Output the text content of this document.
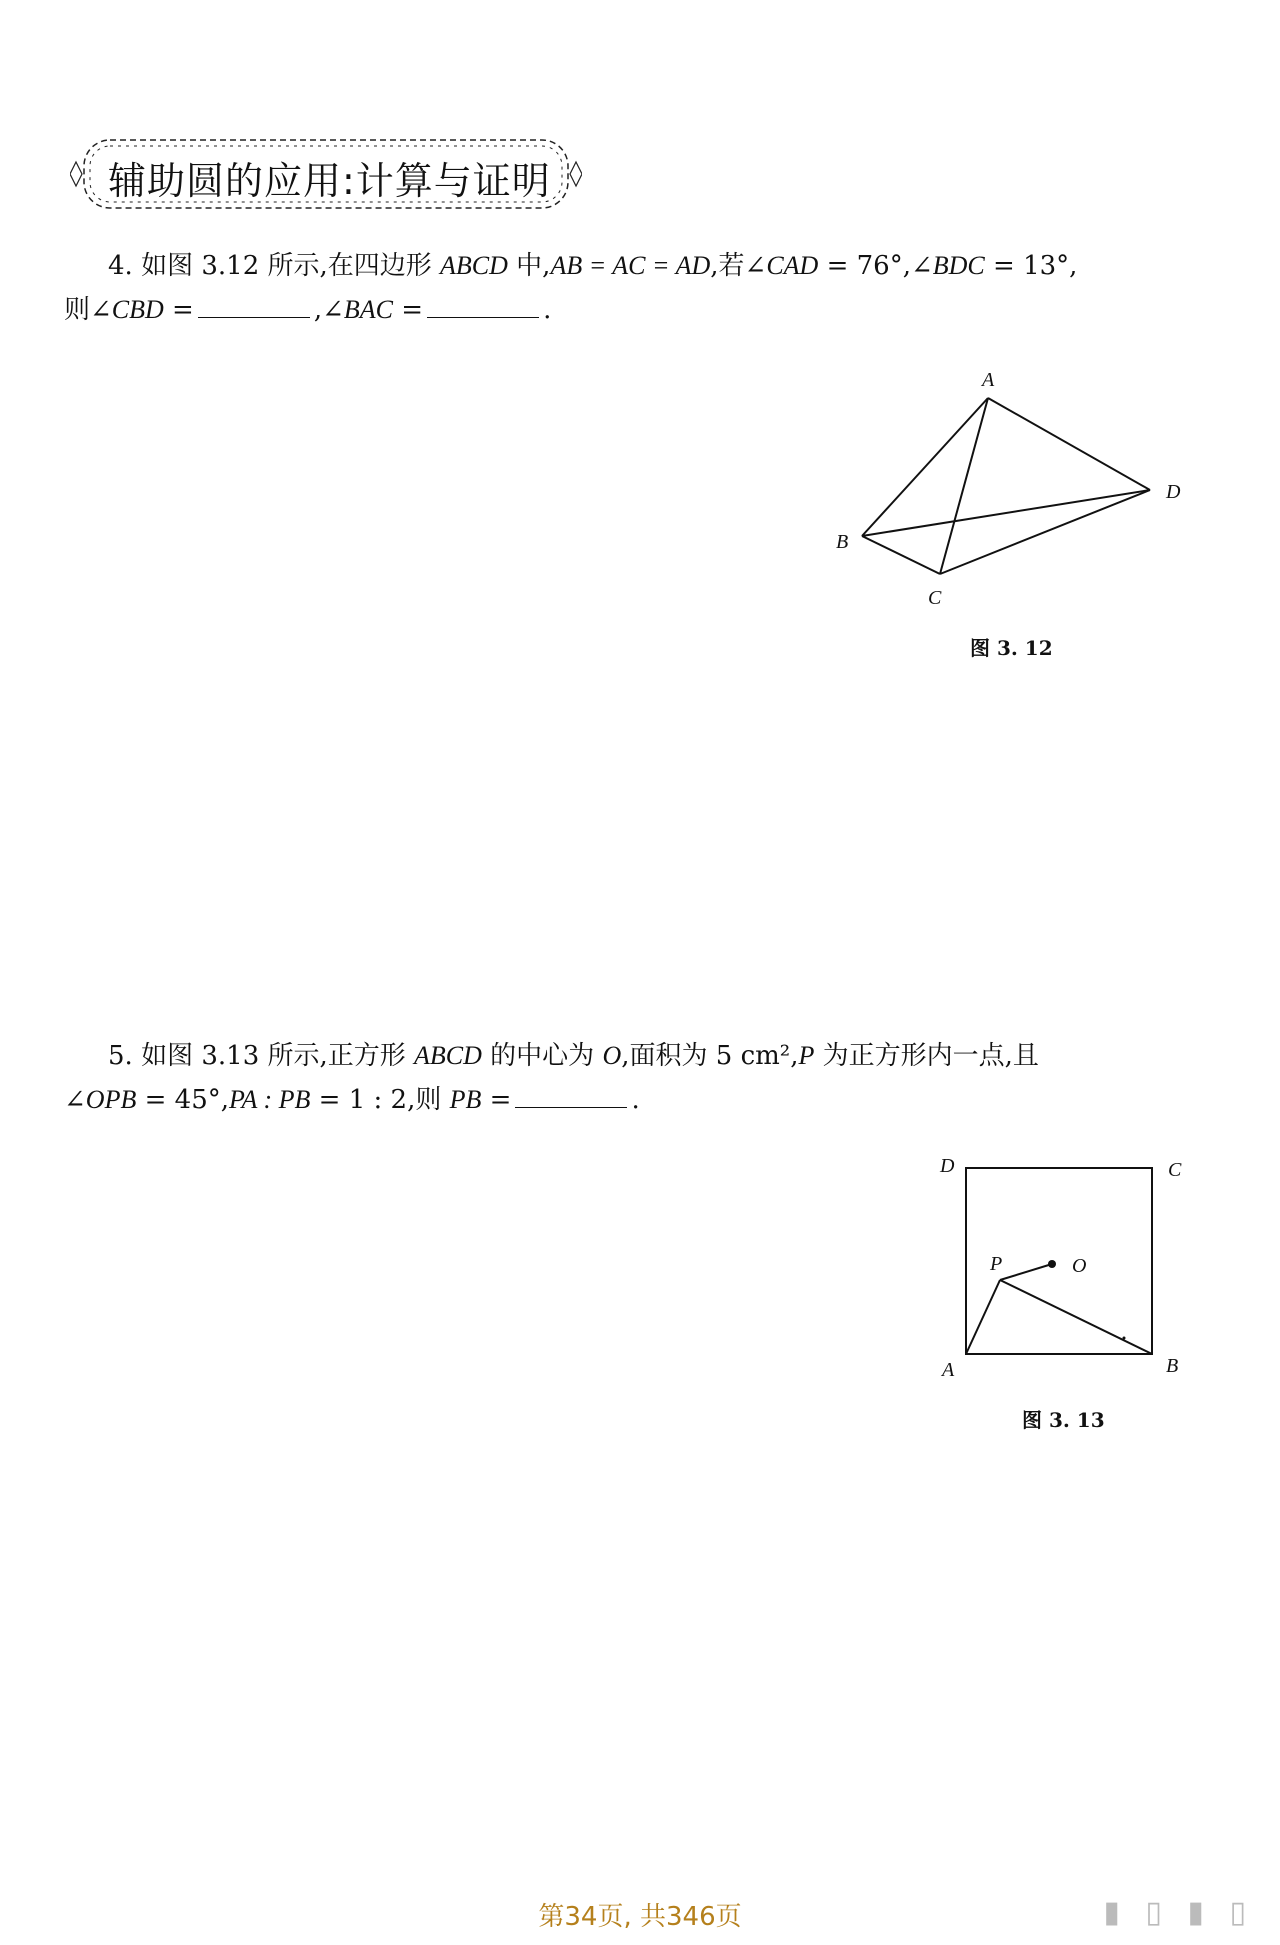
辅助圆的应用:计算与证明
4. 如图 3.12 所示,在四边形 ABCD 中,AB = AC = AD,若∠CAD = 76°,∠BDC = 13°,
则∠CBD =	,∠BAC =	.
A
B
C
D
图 3. 12
5. 如图 3.13 所示,正方形 ABCD 的中心为 O,面积为 5 cm²,P 为正方形内一点,且
∠OPB = 45°,PA : PB = 1 : 2,则 PB =	.
D	C
P	O
A	B
图 3. 13
第34页, 共346页	▮ ▯ ▮ ▯
